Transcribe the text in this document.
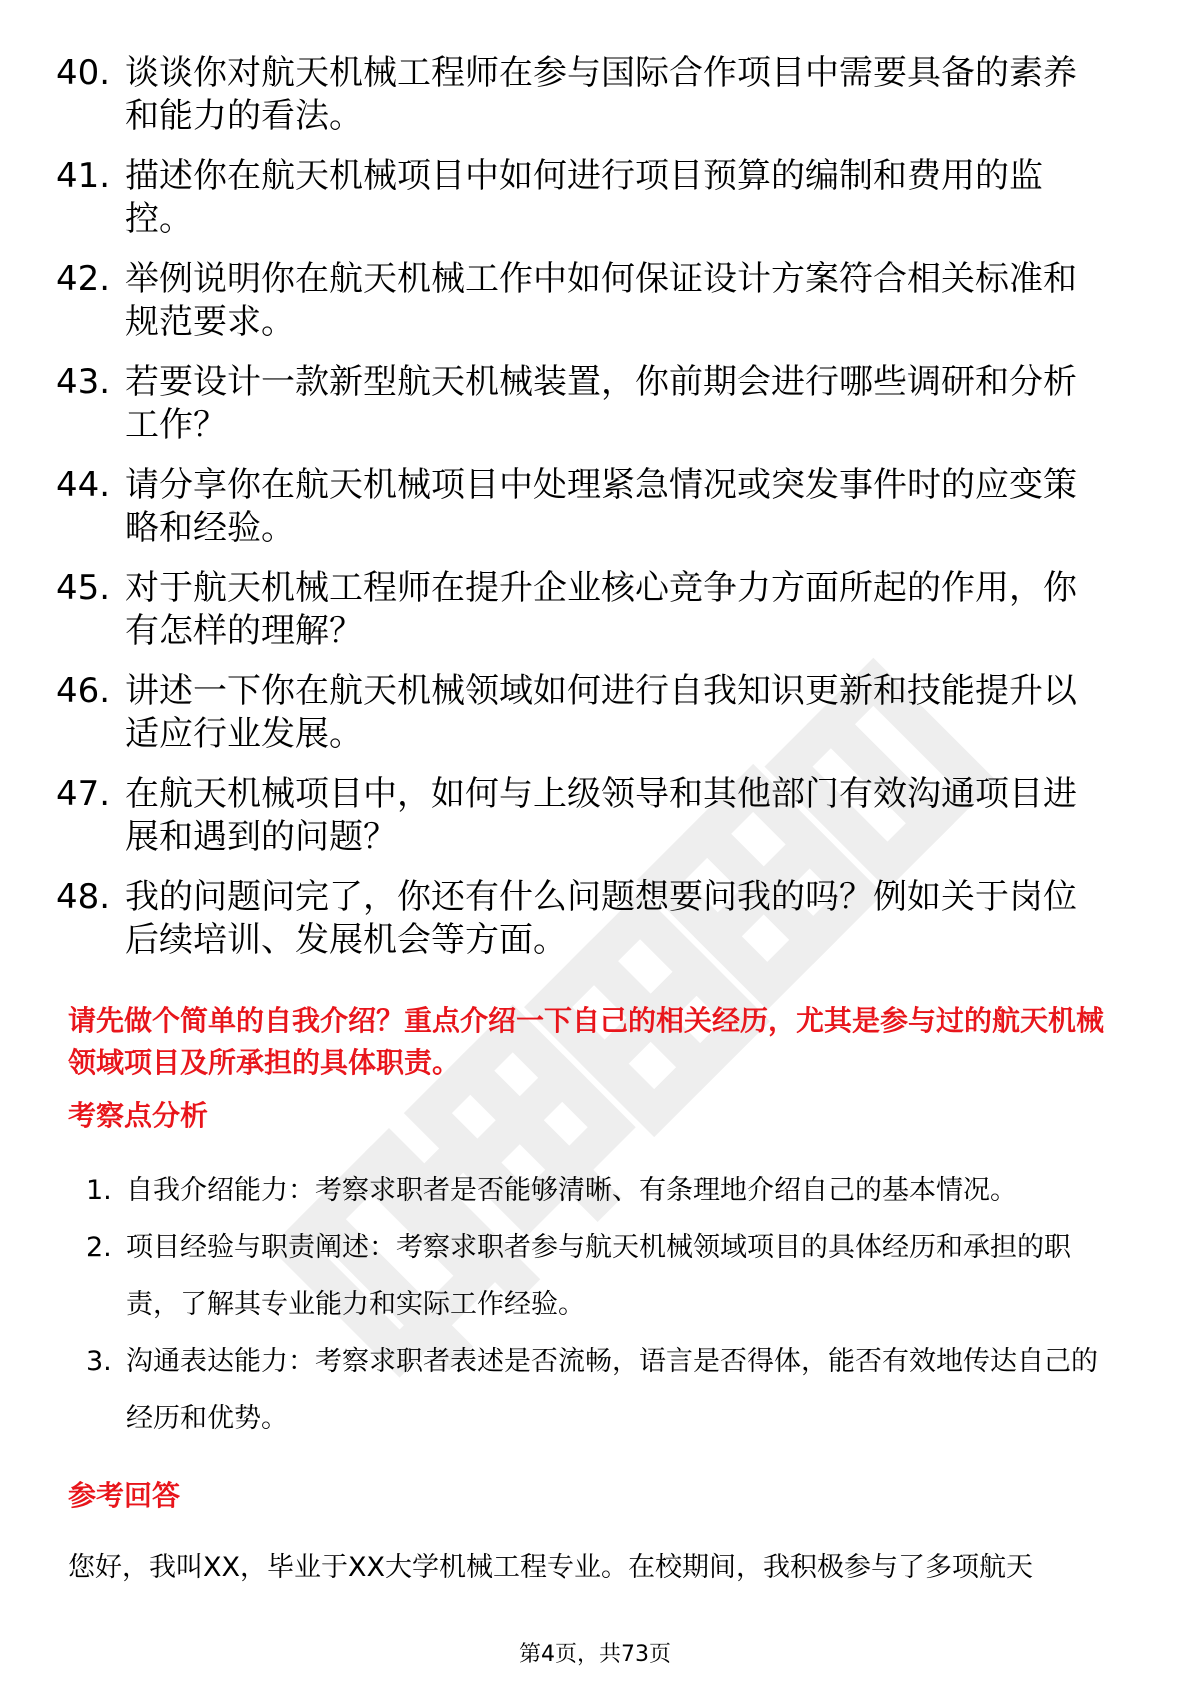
40. 谈谈你对航天机械工程师在参与国际合作项目中需要具备的素养和能力的看法。
41. 描述你在航天机械项目中如何进行项目预算的编制和费用的监控。
42. 举例说明你在航天机械工作中如何保证设计方案符合相关标准和规范要求。
43. 若要设计一款新型航天机械装置，你前期会进行哪些调研和分析工作？
44. 请分享你在航天机械项目中处理紧急情况或突发事件时的应变策略和经验。
45. 对于航天机械工程师在提升企业核心竞争力方面所起的作用，你有怎样的理解？
46. 讲述一下你在航天机械领域如何进行自我知识更新和技能提升以适应行业发展。
47. 在航天机械项目中，如何与上级领导和其他部门有效沟通项目进展和遇到的问题？
48. 我的问题问完了，你还有什么问题想要问我的吗？例如关于岗位后续培训、发展机会等方面。

请先做个简单的自我介绍？重点介绍一下自己的相关经历，尤其是参与过的航天机械领域项目及所承担的具体职责。

考察点分析
1. 自我介绍能力：考察求职者是否能够清晰、有条理地介绍自己的基本情况。
2. 项目经验与职责阐述：考察求职者参与航天机械领域项目的具体经历和承担的职责，了解其专业能力和实际工作经验。
3. 沟通表达能力：考察求职者表述是否流畅，语言是否得体，能否有效地传达自己的经历和优势。
参考回答

您好，我叫XX，毕业于XX大学机械工程专业。在校期间，我积极参与了多项航天

第4页，共73页
